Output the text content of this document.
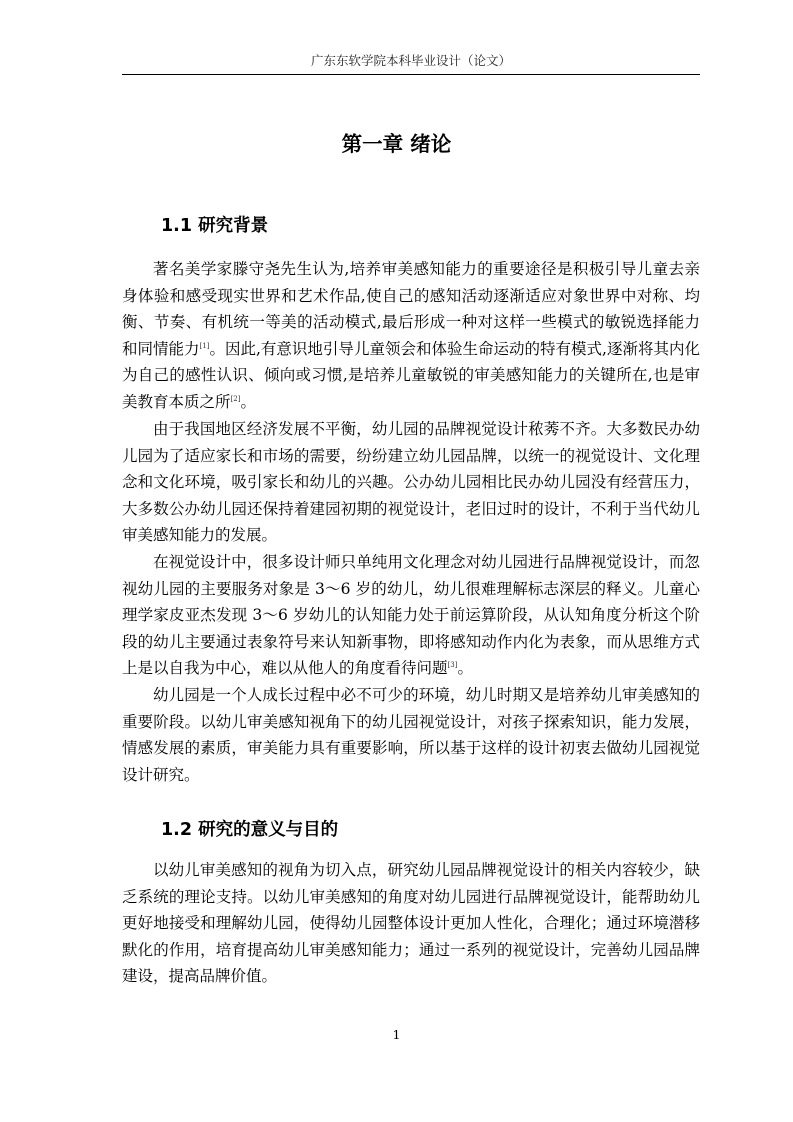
广东东软学院本科毕业设计（论文）
第一章 绪论
1.1 研究背景

著名美学家滕守尧先生认为,培养审美感知能力的重要途径是积极引导儿童去亲身体验和感受现实世界和艺术作品,使自己的感知活动逐渐适应对象世界中对称、均衡、节奏、有机统一等美的活动模式,最后形成一种对这样一些模式的敏锐选择能力和同情能力[1]。因此,有意识地引导儿童领会和体验生命运动的特有模式,逐渐将其内化为自己的感性认识、倾向或习惯,是培养儿童敏锐的审美感知能力的关键所在,也是审美教育本质之所[2]。

由于我国地区经济发展不平衡，幼儿园的品牌视觉设计秾莠不齐。大多数民办幼儿园为了适应家长和市场的需要，纷纷建立幼儿园品牌，以统一的视觉设计、文化理念和文化环境，吸引家长和幼儿的兴趣。公办幼儿园相比民办幼儿园没有经营压力，大多数公办幼儿园还保持着建园初期的视觉设计，老旧过时的设计，不利于当代幼儿审美感知能力的发展。

在视觉设计中，很多设计师只单纯用文化理念对幼儿园进行品牌视觉设计，而忽视幼儿园的主要服务对象是 3～6 岁的幼儿，幼儿很难理解标志深层的释义。儿童心理学家皮亚杰发现 3～6 岁幼儿的认知能力处于前运算阶段，从认知角度分析这个阶段的幼儿主要通过表象符号来认知新事物，即将感知动作内化为表象，而从思维方式上是以自我为中心，难以从他人的角度看待问题[3]。

幼儿园是一个人成长过程中必不可少的环境，幼儿时期又是培养幼儿审美感知的重要阶段。以幼儿审美感知视角下的幼儿园视觉设计，对孩子探索知识，能力发展，情感发展的素质，审美能力具有重要影响，所以基于这样的设计初衷去做幼儿园视觉设计研究。

1.2 研究的意义与目的

以幼儿审美感知的视角为切入点，研究幼儿园品牌视觉设计的相关内容较少，缺乏系统的理论支持。以幼儿审美感知的角度对幼儿园进行品牌视觉设计，能帮助幼儿更好地接受和理解幼儿园，使得幼儿园整体设计更加人性化，合理化；通过环境潜移默化的作用，培育提高幼儿审美感知能力；通过一系列的视觉设计，完善幼儿园品牌建设，提高品牌价值。

1
